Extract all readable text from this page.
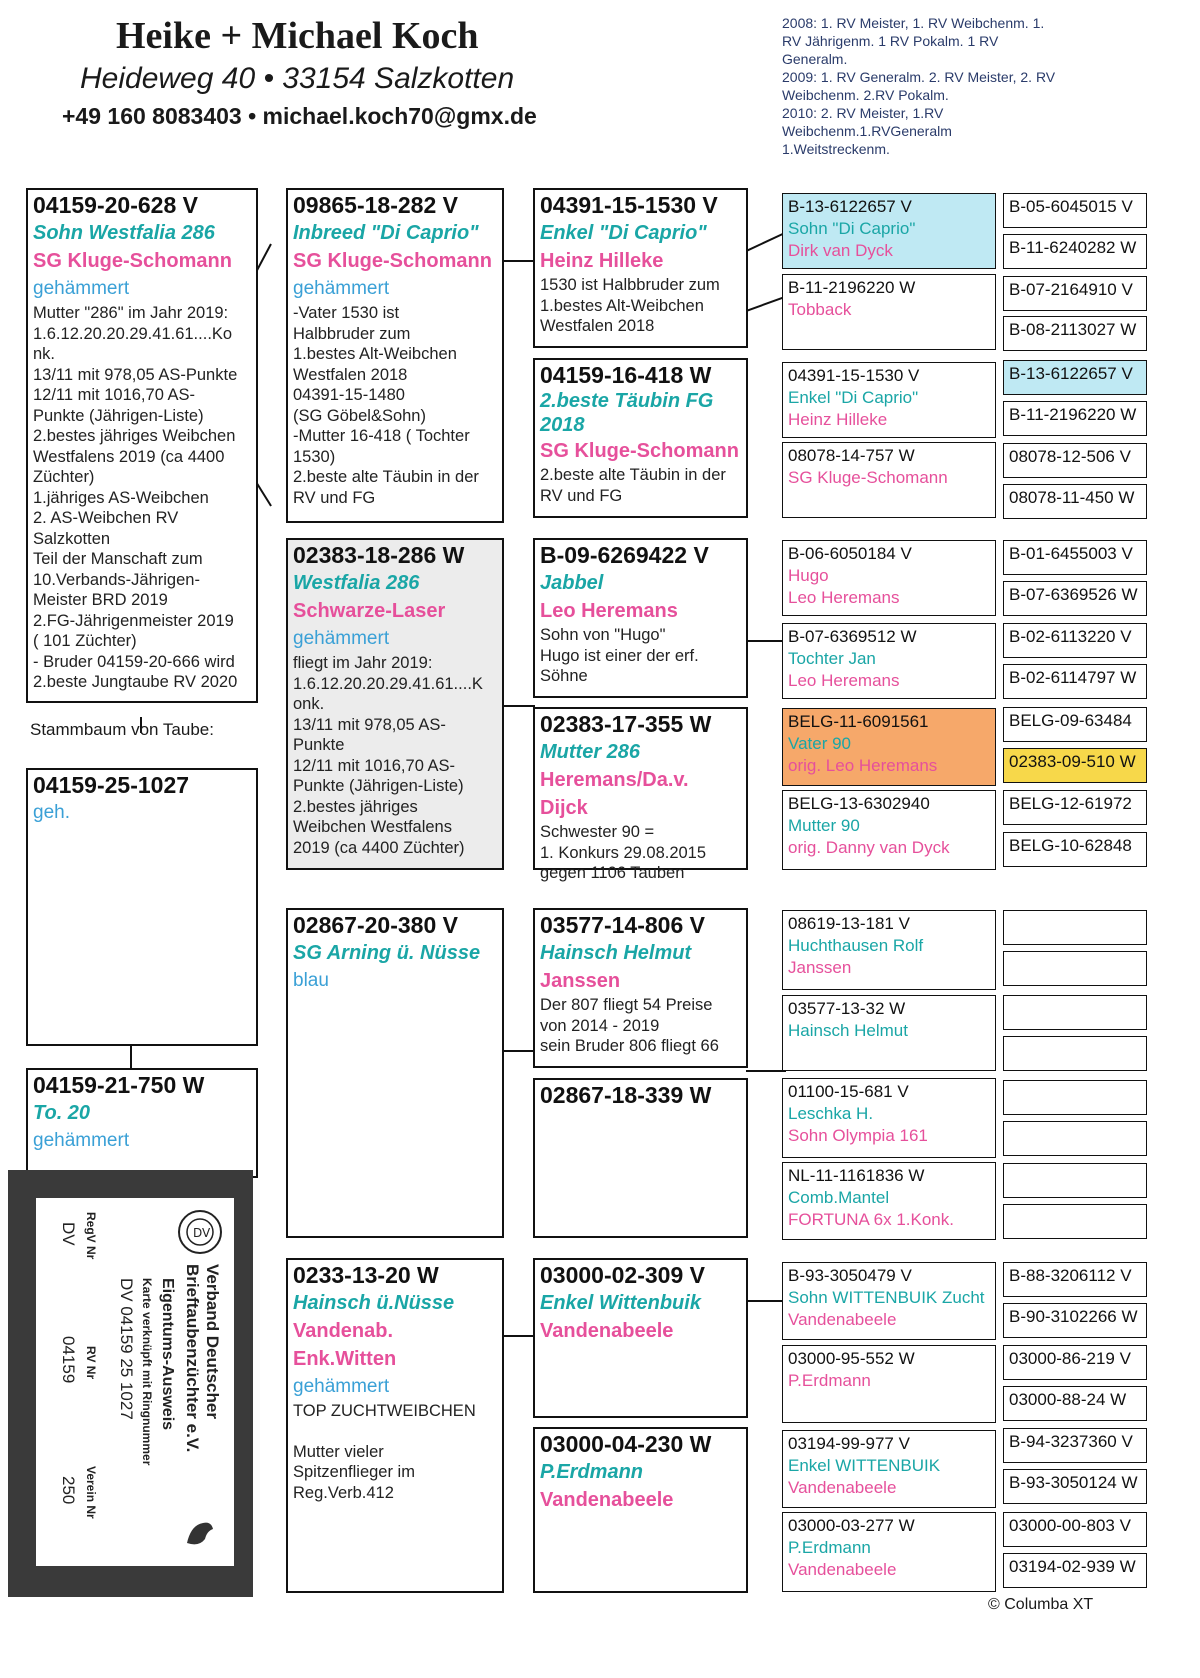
Heike + Michael Koch
Heideweg 40 • 33154 Salzkotten
+49 160 8083403 • michael.koch70@gmx.de
2008: 1. RV Meister, 1. RV Weibchenm. 1.
RV Jährigenm. 1 RV Pokalm. 1 RV
Generalm.
2009: 1. RV Generalm. 2. RV Meister, 2. RV
Weibchenm. 2.RV Pokalm.
2010: 2. RV Meister, 1.RV
Weibchenm.1.RVGeneralm
1.Weitstreckenm.
04159-20-628 V
Sohn Westfalia 286
SG Kluge-Schomann
gehämmert
Mutter "286" im Jahr 2019:
1.6.12.20.20.29.41.61....Ko
nk.
13/11 mit 978,05 AS-Punkte
12/11 mit 1016,70 AS-
Punkte (Jährigen-Liste)
2.bestes jähriges Weibchen
Westfalens 2019 (ca 4400
Züchter)
1.jähriges AS-Weibchen
2. AS-Weibchen RV
Salzkotten
Teil der Manschaft zum
10.Verbands-Jährigen-
Meister BRD 2019
2.FG-Jährigenmeister 2019
( 101 Züchter)
- Bruder 04159-20-666 wird
2.beste Jungtaube RV 2020
Stammbaum von Taube:
04159-25-1027
geh.
04159-21-750 W
To. 20
gehämmert
09865-18-282 V
Inbreed "Di Caprio"
SG Kluge-Schomann
gehämmert
-Vater 1530 ist
Halbbruder zum
1.bestes Alt-Weibchen
Westfalen 2018
04391-15-1480
(SG Göbel&Sohn)
-Mutter 16-418 ( Tochter
1530)
2.beste alte Täubin in der
RV und FG
02383-18-286 W
Westfalia 286
Schwarze-Laser
gehämmert
fliegt im Jahr 2019:
1.6.12.20.20.29.41.61....K
onk.
13/11 mit 978,05 AS-
Punkte
12/11 mit 1016,70 AS-
Punkte (Jährigen-Liste)
2.bestes jähriges
Weibchen Westfalens
2019 (ca 4400 Züchter)
02867-20-380 V
SG Arning ü. Nüsse
blau
0233-13-20 W
Hainsch ü.Nüsse
Vandenab. Enk.Witten
gehämmert
TOP ZUCHTWEIBCHEN
Mutter vieler
Spitzenflieger im
Reg.Verb.412
04391-15-1530 V
Enkel "Di Caprio"
Heinz Hilleke
1530 ist Halbbruder zum
1.bestes Alt-Weibchen
Westfalen 2018
04159-16-418 W
2.beste Täubin FG 2018
SG Kluge-Schomann
2.beste alte Täubin in der
RV und FG
B-09-6269422 V
Jabbel
Leo Heremans
Sohn von "Hugo"
Hugo ist einer der erf.
Söhne
02383-17-355 W
Mutter 286
Heremans/Da.v. Dijck
Schwester 90 =
1. Konkurs 29.08.2015
gegen 1106 Tauben
03577-14-806 V
Hainsch Helmut
Janssen
Der 807 fliegt 54 Preise
von 2014 - 2019
sein Bruder 806 fliegt 66
02867-18-339 W
03000-02-309 V
Enkel Wittenbuik
Vandenabeele
03000-04-230 W
P.Erdmann
Vandenabeele
B-13-6122657 V
Sohn "Di Caprio"
Dirk van Dyck
B-11-2196220 W
Tobback
04391-15-1530 V
Enkel "Di Caprio"
Heinz Hilleke
08078-14-757 W
SG Kluge-Schomann
B-06-6050184 V
Hugo
Leo Heremans
B-07-6369512 W
Tochter Jan
Leo Heremans
BELG-11-6091561
Vater 90
orig. Leo Heremans
BELG-13-6302940
Mutter 90
orig. Danny van Dyck
08619-13-181 V
Huchthausen Rolf
Janssen
03577-13-32 W
Hainsch Helmut
01100-15-681 V
Leschka H.
Sohn Olympia 161
NL-11-1161836 W
Comb.Mantel
FORTUNA 6x 1.Konk.
B-93-3050479 V
Sohn WITTENBUIK Zucht
Vandenabeele
03000-95-552 W
P.Erdmann
03194-99-977 V
Enkel WITTENBUIK
Vandenabeele
03000-03-277 W
P.Erdmann
Vandenabeele
B-05-6045015 V
B-11-6240282 W
B-07-2164910 V
B-08-2113027 W
B-13-6122657 V
B-11-2196220 W
08078-12-506 V
08078-11-450 W
B-01-6455003 V
B-07-6369526 W
B-02-6113220 V
B-02-6114797 W
BELG-09-63484
02383-09-510 W
BELG-12-61972
BELG-10-62848
B-88-3206112 V
B-90-3102266 W
03000-86-219 V
03000-88-24 W
B-94-3237360 V
B-93-3050124 W
03000-00-803 V
03194-02-939 W
© Columba XT
DV
Verband Deutscher
Brieftaubenzüchter e.V.
Eigentums-Ausweis
Karte verknüpft mit Ringnummer
DV 04159 25 1027
RegV Nr
DV
RV Nr
04159
Verein Nr
250
